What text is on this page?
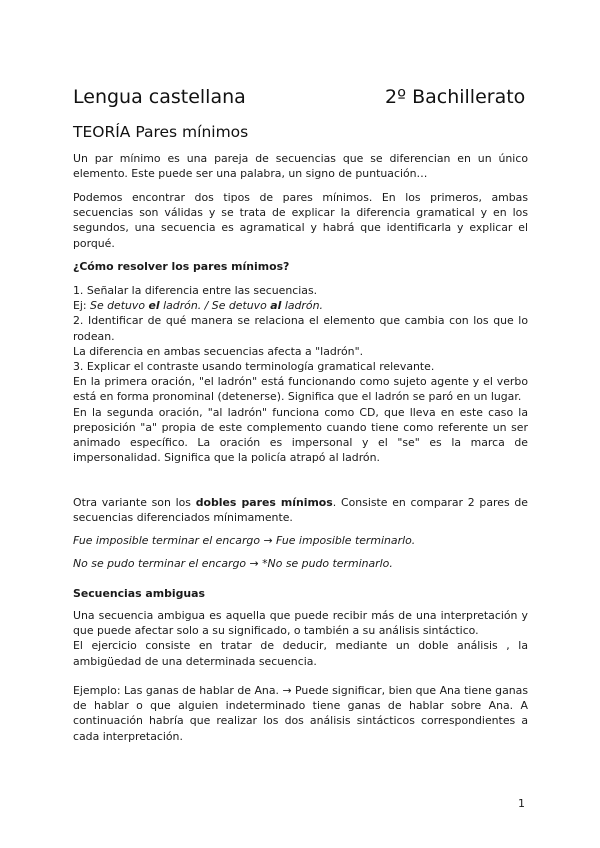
Lengua castellana	2º Bachillerato
TEORÍA Pares mínimos

Un par mínimo es una pareja de secuencias que se diferencian en un único elemento. Este puede ser una palabra, un signo de puntuación…

Podemos encontrar dos tipos de pares mínimos. En los primeros, ambas secuencias son válidas y se trata de explicar la diferencia gramatical y en los segundos, una secuencia es agramatical y habrá que identificarla y explicar el porqué.

¿Cómo resolver los pares mínimos?

1. Señalar la diferencia entre las secuencias.

Ej: Se detuvo el ladrón. / Se detuvo al ladrón.

2. Identificar de qué manera se relaciona el elemento que cambia con los que lo rodean.

La diferencia en ambas secuencias afecta a "ladrón".

3. Explicar el contraste usando terminología gramatical relevante.

En la primera oración, "el ladrón" está funcionando como sujeto agente y el verbo está en forma pronominal (detenerse). Significa que el ladrón se paró en un lugar.

En la segunda oración, "al ladrón" funciona como CD, que lleva en este caso la preposición "a" propia de este complemento cuando tiene como referente un ser animado específico. La oración es impersonal y el "se" es la marca de impersonalidad. Significa que la policía atrapó al ladrón.

Otra variante son los dobles pares mínimos. Consiste en comparar 2 pares de secuencias diferenciados mínimamente.

Fue imposible terminar el encargo → Fue imposible terminarlo.
No se pudo terminar el encargo → *No se pudo terminarlo.
Secuencias ambiguas

Una secuencia ambigua es aquella que puede recibir más de una interpretación y que puede afectar solo a su significado, o también a su análisis sintáctico.

El ejercicio consiste en tratar de deducir, mediante un doble análisis , la ambigüedad de una determinada secuencia.

Ejemplo: Las ganas de hablar de Ana. → Puede significar, bien que Ana tiene ganas de hablar o que alguien indeterminado tiene ganas de hablar sobre Ana. A continuación habría que realizar los dos análisis sintácticos correspondientes a cada interpretación.

1
